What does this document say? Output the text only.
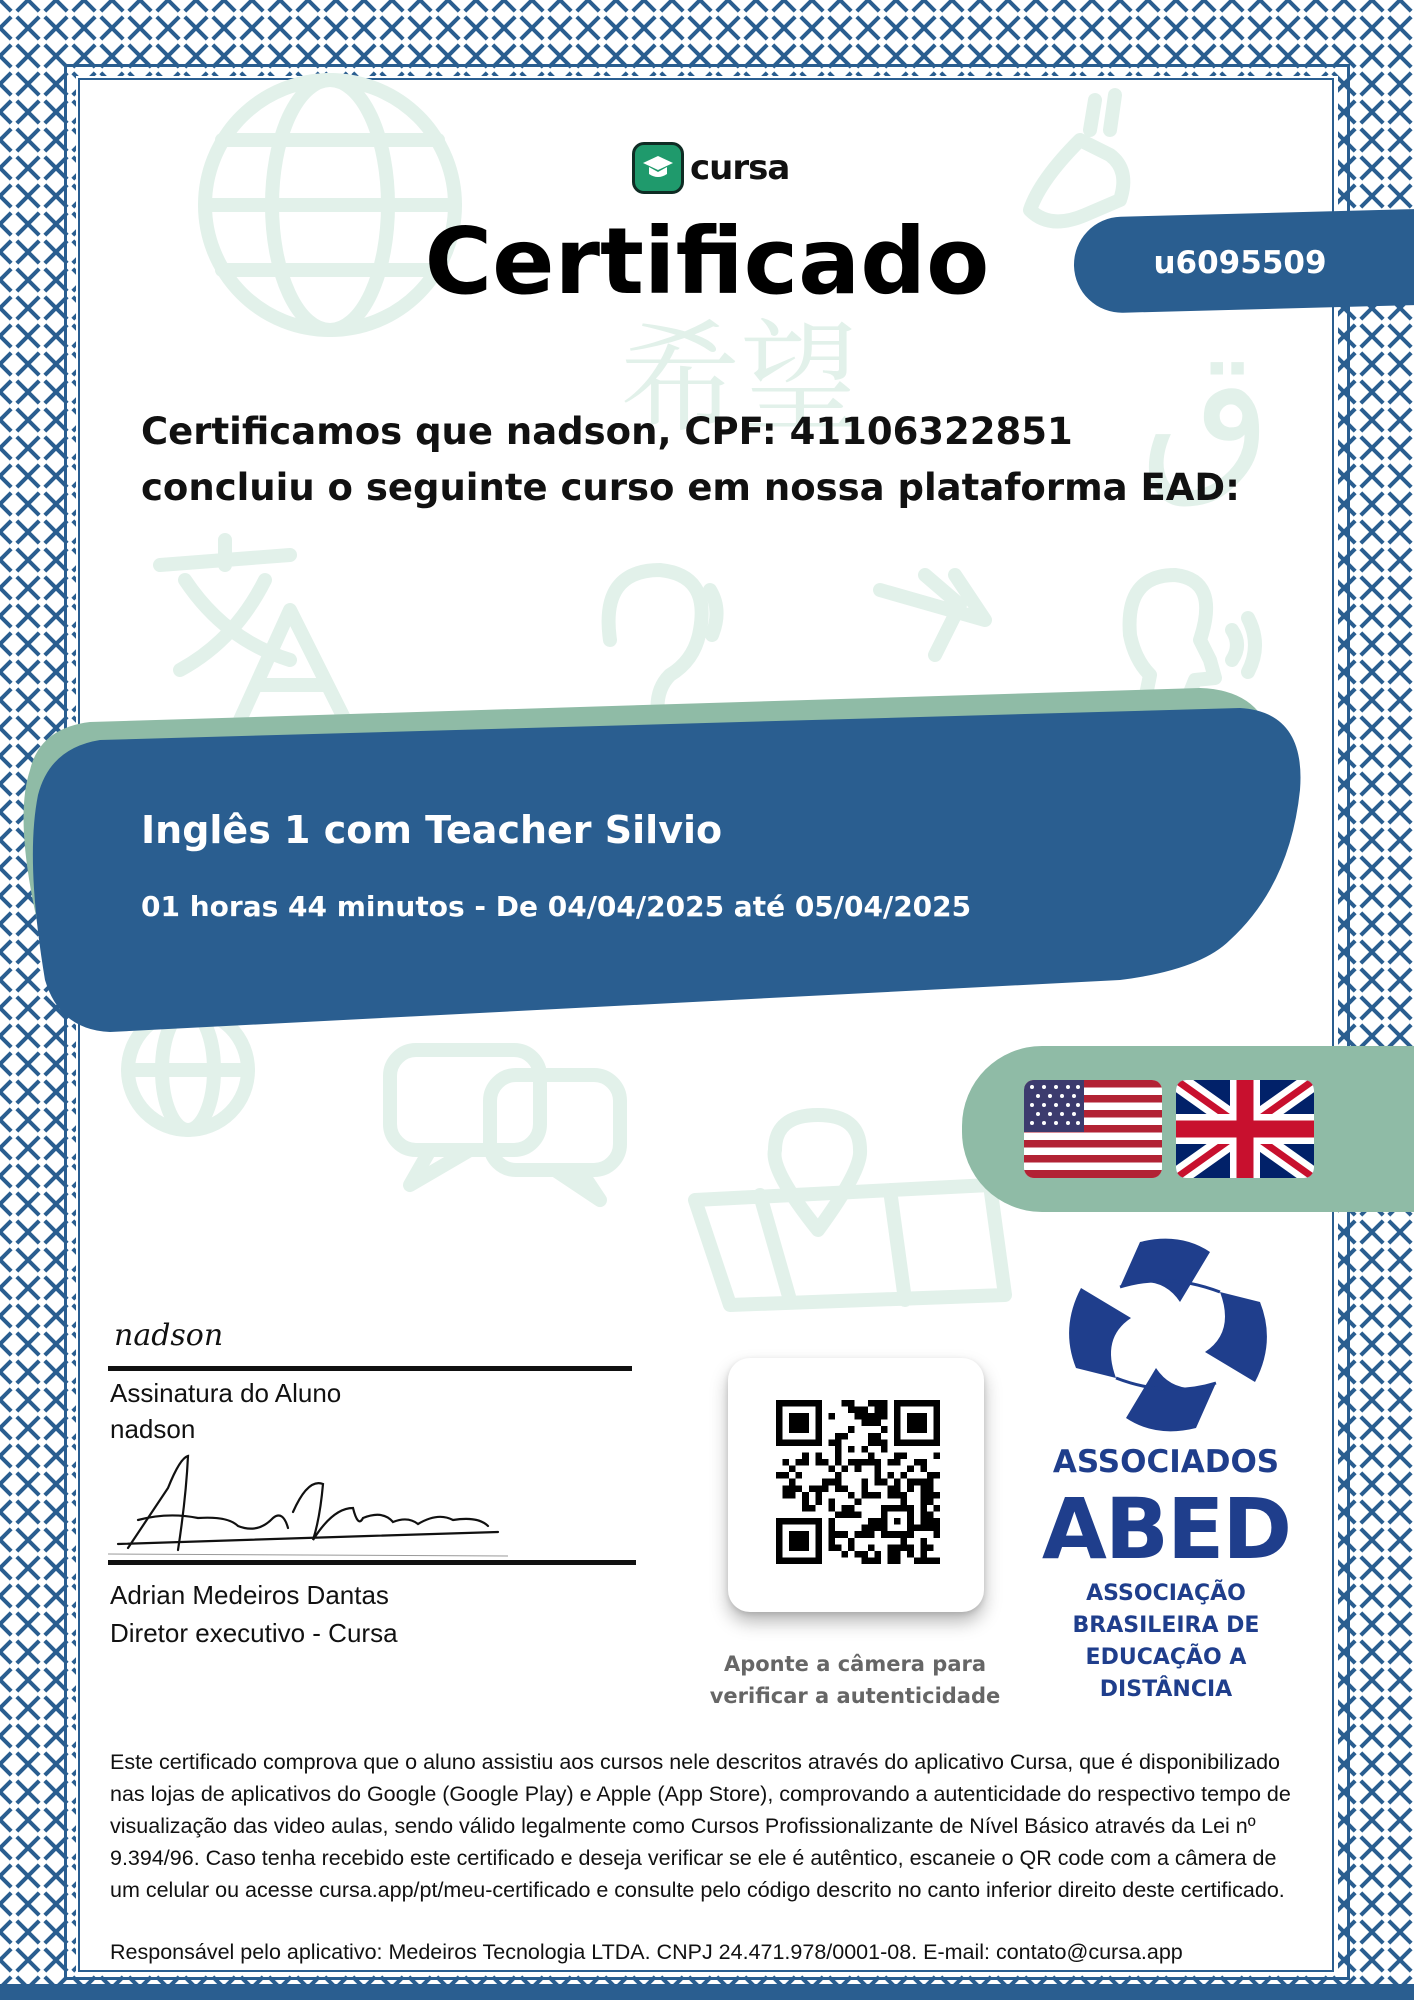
希望 ق
cursa
Certificado	u6095509
Certificamos que nadson, CPF: 41106322851
concluiu o seguinte curso em nossa plataforma EAD:
Inglês 1 com Teacher Silvio
01 horas 44 minutos - De 04/04/2025 até 05/04/2025
nadson
Assinatura do Aluno
nadson
Adrian Medeiros Dantas
Diretor executivo - Cursa
Aponte a câmera para
verificar a autenticidade
ASSOCIADOS
ABED
ASSOCIAÇÃO
BRASILEIRA DE
EDUCAÇÃO A
DISTÂNCIA
Este certificado comprova que o aluno assistiu aos cursos nele descritos através do aplicativo Cursa, que é disponibilizado nas lojas de aplicativos do Google (Google Play) e Apple (App Store), comprovando a autenticidade do respectivo tempo de visualização das video aulas, sendo válido legalmente como Cursos Profissionalizante de Nível Básico através da Lei nº 9.394/96. Caso tenha recebido este certificado e deseja verificar se ele é autêntico, escaneie o QR code com a câmera de um celular ou acesse cursa.app/pt/meu-certificado e consulte pelo código descrito no canto inferior direito deste certificado.
Responsável pelo aplicativo: Medeiros Tecnologia LTDA. CNPJ 24.471.978/0001-08. E-mail: contato@cursa.app
